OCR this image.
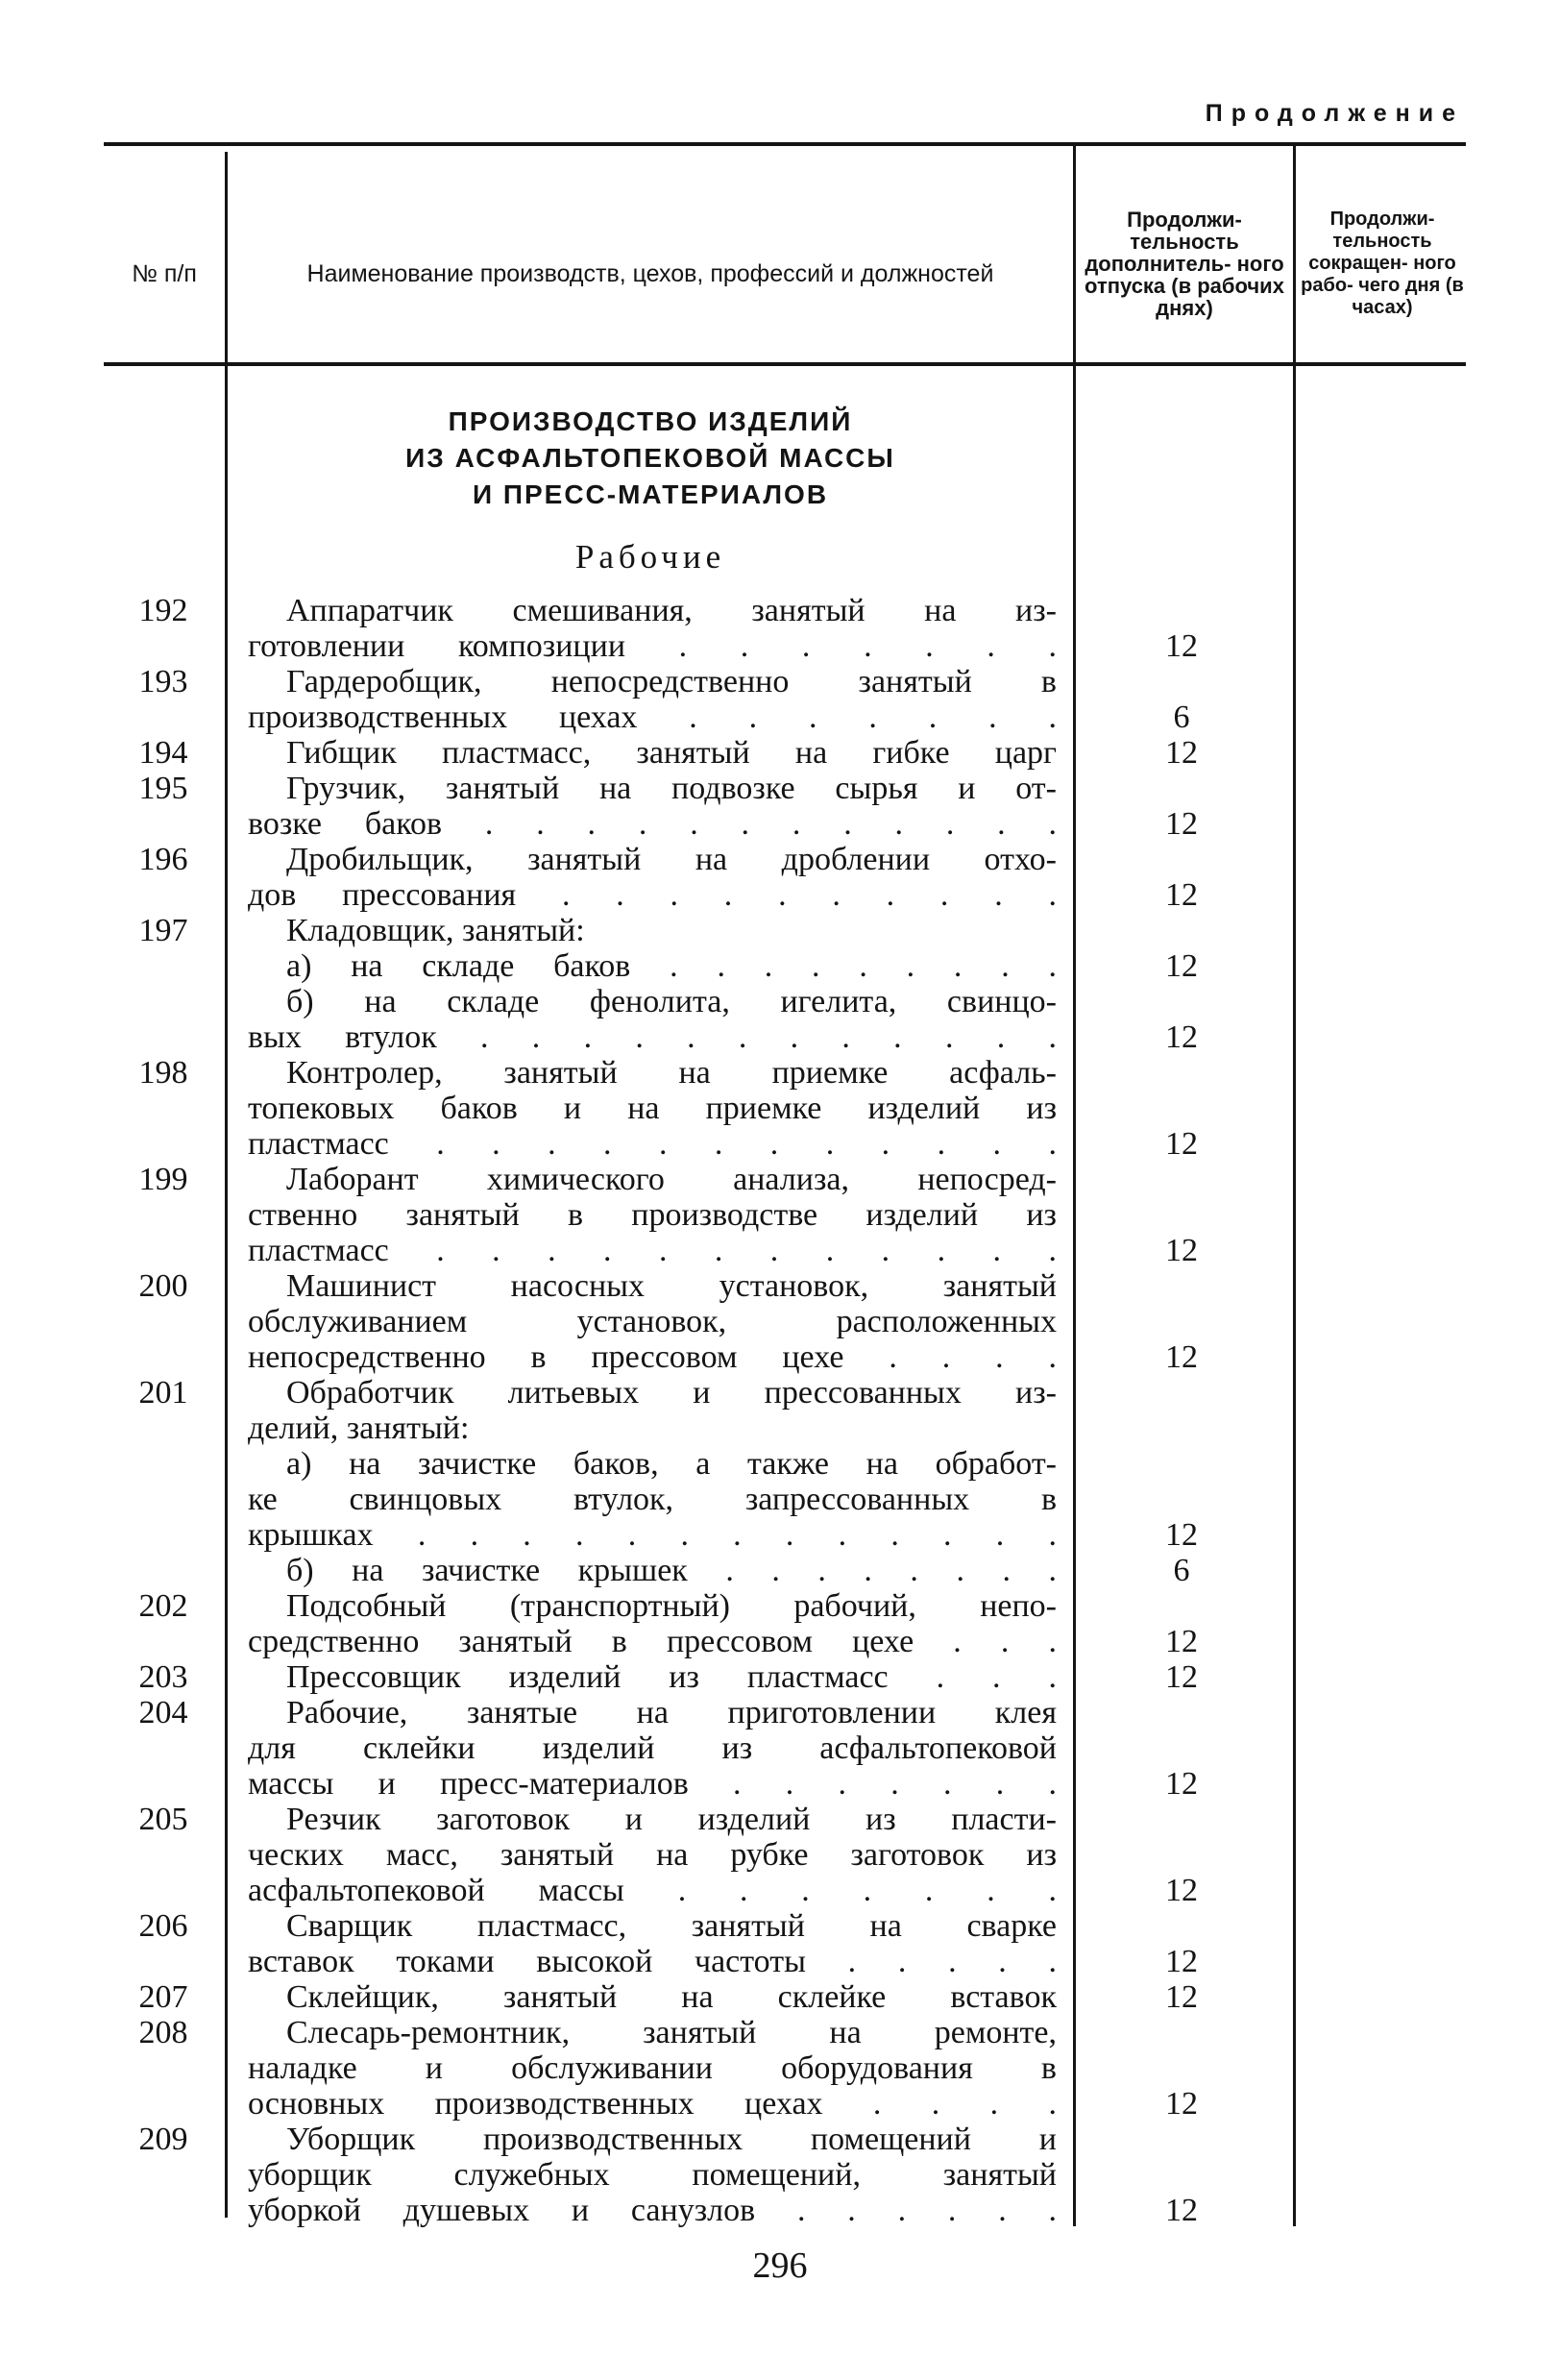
Продолжение
№ п/п	Наименование производств, цехов, профессий и должностей
Продолжи- тельность дополнитель- ного отпуска (в рабочих днях)
Продолжи- тельность сокращен- ного рабо- чего дня (в часах)
ПРОИЗВОДСТВО ИЗДЕЛИЙ
ИЗ АСФАЛЬТОПЕКОВОЙ МАССЫ
И ПРЕСС-МАТЕРИАЛОВ
Рабочие
192
193
194
195
196
197
198
199
200
201
202
203
204
205
206
207
208
209
Аппаратчик смешивания, занятый на из-
готовлении композиции . . . . . . .
Гардеробщик, непосредственно занятый в
производственных цехах . . . . . . .
Гибщик пластмасс, занятый на гибке царг
Грузчик, занятый на подвозке сырья и от-
возке баков . . . . . . . . . . . .
Дробильщик, занятый на дроблении отхо-
дов прессования . . . . . . . . . .
Кладовщик, занятый:
а) на складе баков . . . . . . . . .
б) на складе фенолита, игелита, свинцо-
вых втулок . . . . . . . . . . . .
Контролер, занятый на приемке асфаль-
топековых баков и на приемке изделий из
пластмасс . . . . . . . . . . . .
Лаборант химического анализа, непосред-
ственно занятый в производстве изделий из
пластмасс . . . . . . . . . . . .
Машинист насосных установок, занятый
обслуживанием установок, расположенных
непосредственно в прессовом цехе . . . .
Обработчик литьевых и прессованных из-
делий, занятый:
а) на зачистке баков, а также на обработ-
ке свинцовых втулок, запрессованных в
крышках . . . . . . . . . . . . .
б) на зачистке крышек . . . . . . . .
Подсобный (транспортный) рабочий, непо-
средственно занятый в прессовом цехе . . .
Прессовщик изделий из пластмасс . . .
Рабочие, занятые на приготовлении клея
для склейки изделий из асфальтопековой
массы и пресс-материалов . . . . . . .
Резчик заготовок и изделий из пласти-
ческих масс, занятый на рубке заготовок из
асфальтопековой массы . . . . . . .
Сварщик пластмасс, занятый на сварке
вставок токами высокой частоты . . . . .
Склейщик, занятый на склейке вставок
Слесарь-ремонтник, занятый на ремонте,
наладке и обслуживании оборудования в
основных производственных цехах . . . .
Уборщик производственных помещений и
уборщик служебных помещений, занятый
уборкой душевых и санузлов . . . . . .
12
6
12
12
12
12
12
12
12
12
12
6
12
12
12
12
12
12
12
12
296
